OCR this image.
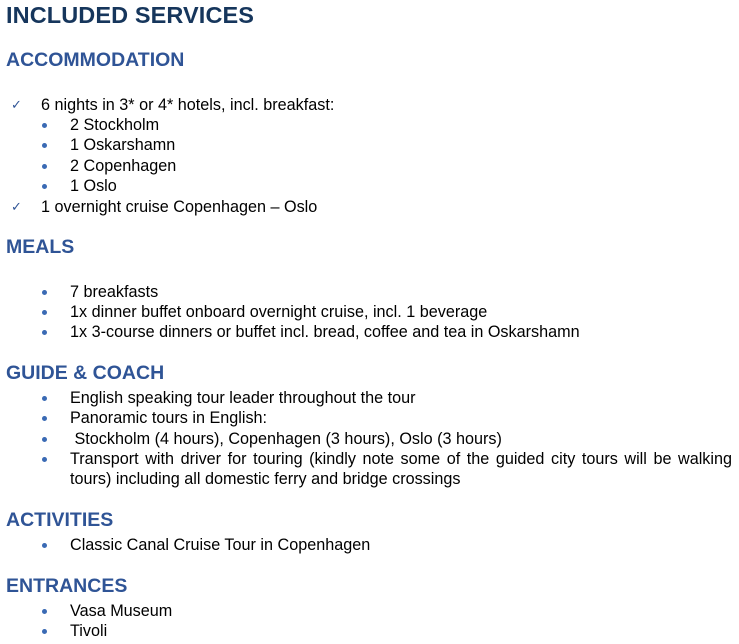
INCLUDED SERVICES
ACCOMMODATION
✓ 6 nights in 3* or 4* hotels, incl. breakfast:
2 Stockholm
1 Oskarshamn
2 Copenhagen
1 Oslo
✓ 1 overnight cruise Copenhagen – Oslo
MEALS
7 breakfasts
1x dinner buffet onboard overnight cruise, incl. 1 beverage
1x 3-course dinners or buffet incl. bread, coffee and tea in Oskarshamn
GUIDE & COACH
English speaking tour leader throughout the tour
Panoramic tours in English:
Stockholm (4 hours), Copenhagen (3 hours), Oslo (3 hours)
Transport with driver for touring (kindly note some of the guided city tours will be walking tours) including all domestic ferry and bridge crossings
ACTIVITIES
Classic Canal Cruise Tour in Copenhagen
ENTRANCES
Vasa Museum
Tivoli
